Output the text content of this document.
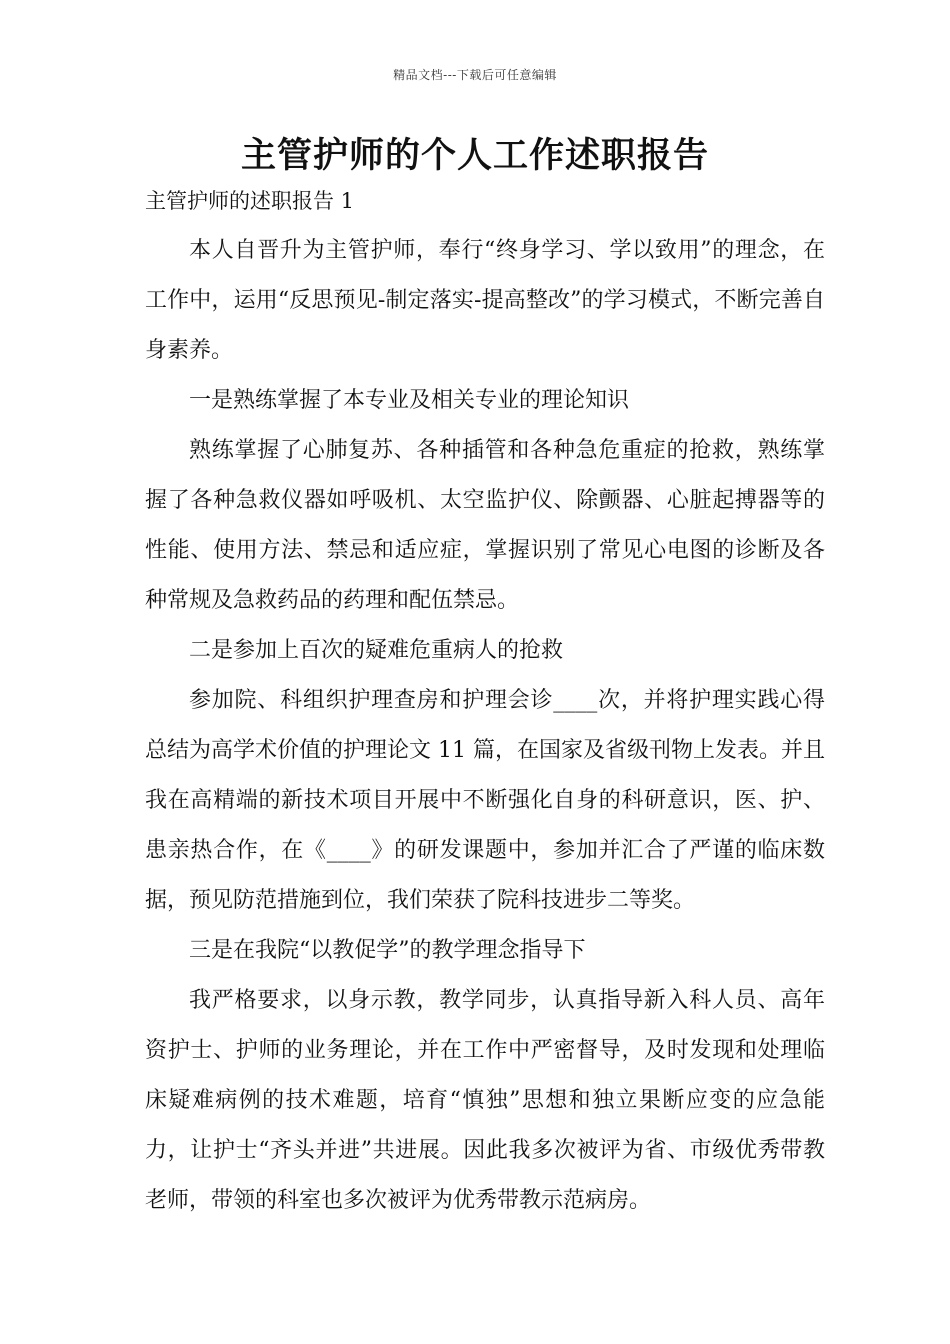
精品文档---下载后可任意编辑
主管护师的个人工作述职报告

主管护师的述职报告 1

本人自晋升为主管护师，奉行“终身学习、学以致用”的理念，在工作中，运用“反思预见-制定落实-提高整改”的学习模式，不断完善自身素养。

一是熟练掌握了本专业及相关专业的理论知识

熟练掌握了心肺复苏、各种插管和各种急危重症的抢救，熟练掌握了各种急救仪器如呼吸机、太空监护仪、除颤器、心脏起搏器等的性能、使用方法、禁忌和适应症，掌握识别了常见心电图的诊断及各种常规及急救药品的药理和配伍禁忌。

二是参加上百次的疑难危重病人的抢救

参加院、科组织护理查房和护理会诊____次，并将护理实践心得总结为高学术价值的护理论文 11 篇，在国家及省级刊物上发表。并且我在高精端的新技术项目开展中不断强化自身的科研意识，医、护、患亲热合作，在《____》的研发课题中，参加并汇合了严谨的临床数据，预见防范措施到位，我们荣获了院科技进步二等奖。

三是在我院“以教促学”的教学理念指导下

我严格要求，以身示教，教学同步，认真指导新入科人员、高年资护士、护师的业务理论，并在工作中严密督导，及时发现和处理临床疑难病例的技术难题，培育“慎独”思想和独立果断应变的应急能力，让护士“齐头并进”共进展。因此我多次被评为省、市级优秀带教老师，带领的科室也多次被评为优秀带教示范病房。
